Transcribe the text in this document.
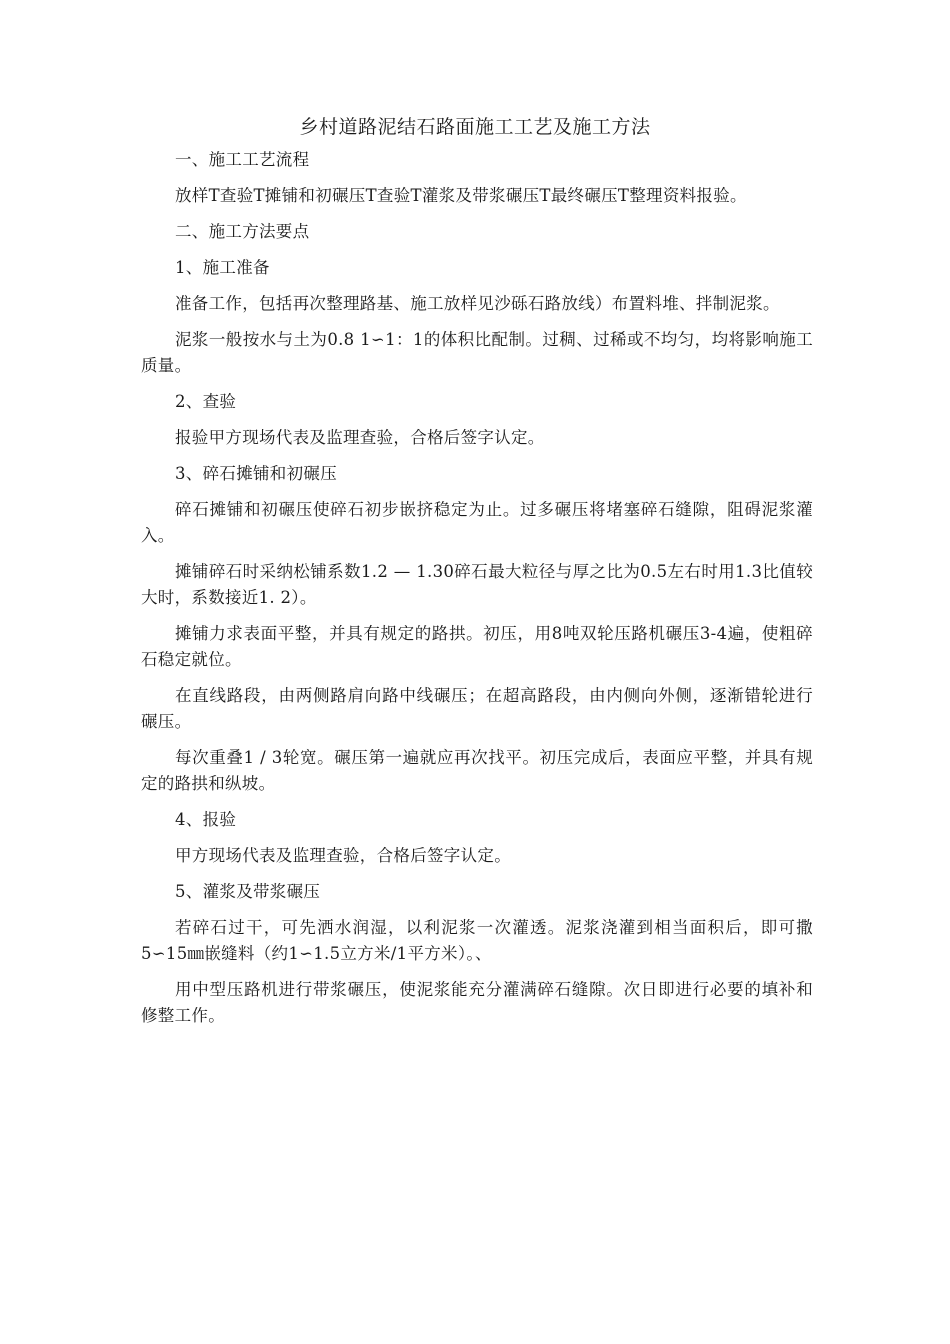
乡村道路泥结石路面施工工艺及施工方法

一、施工工艺流程

放样T查验T摊铺和初碾压T查验T灌浆及带浆碾压T最终碾压T整理资料报验。

二、施工方法要点

1、施工准备

准备工作，包括再次整理路基、施工放样见沙砾石路放线）布置料堆、拌制泥浆。

泥浆一般按水与土为0.8 1∽1：1的体积比配制。过稠、过稀或不均匀，均将影响施工质量。

2、查验

报验甲方现场代表及监理查验，合格后签字认定。

3、碎石摊铺和初碾压

碎石摊铺和初碾压使碎石初步嵌挤稳定为止。过多碾压将堵塞碎石缝隙，阻碍泥浆灌入。

摊铺碎石时采纳松铺系数1.2 — 1.30碎石最大粒径与厚之比为0.5左右时用1.3比值较大时，系数接近1. 2）。

摊铺力求表面平整，并具有规定的路拱。初压，用8吨双轮压路机碾压3-4遍，使粗碎石稳定就位。

在直线路段，由两侧路肩向路中线碾压；在超高路段，由内侧向外侧，逐渐错轮进行碾压。

每次重叠1 / 3轮宽。碾压第一遍就应再次找平。初压完成后，表面应平整，并具有规定的路拱和纵坡。

4、报验

甲方现场代表及监理查验，合格后签字认定。

5、灌浆及带浆碾压

若碎石过干，可先洒水润湿，以利泥浆一次灌透。泥浆浇灌到相当面积后，即可撒5∽15㎜嵌缝料（约1∽1.5立方米/1平方米）。、

用中型压路机进行带浆碾压，使泥浆能充分灌满碎石缝隙。次日即进行必要的填补和修整工作。
